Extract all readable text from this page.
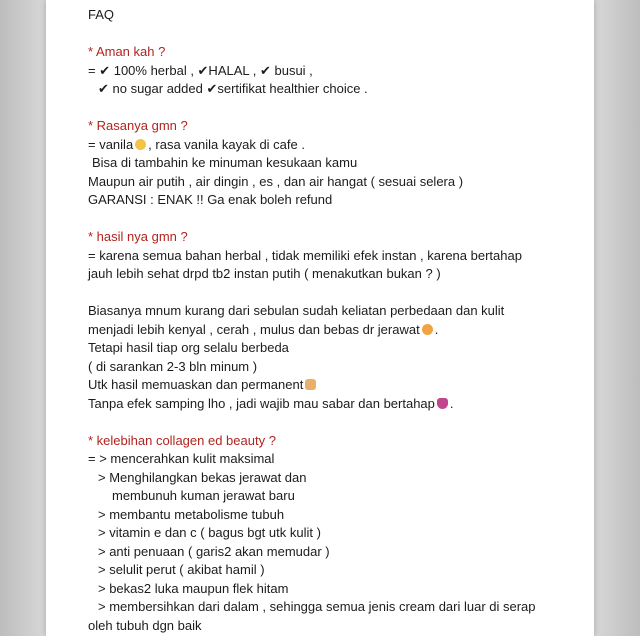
FAQ
* Aman kah ?
= ✔ 100% herbal , ✔HALAL , ✔ busui ,
✔ no sugar added ✔sertifikat healthier choice .
* Rasanya gmn ?
= vanila , rasa vanila kayak di cafe .
Bisa di tambahin ke minuman kesukaan kamu
Maupun air putih , air dingin , es , dan air hangat ( sesuai selera )
GARANSI : ENAK !! Ga enak boleh refund
* hasil nya gmn ?
= karena semua bahan herbal , tidak memiliki efek instan , karena bertahap
jauh lebih sehat drpd tb2 instan putih ( menakutkan bukan ? )
Biasanya mnum kurang dari sebulan sudah keliatan perbedaan dan kulit
menjadi lebih kenyal , cerah , mulus dan bebas dr jerawat .
Tetapi hasil tiap org selalu berbeda
( di sarankan 2-3 bln minum )
Utk hasil memuaskan dan permanent
Tanpa efek samping lho , jadi wajib mau sabar dan bertahap .
* kelebihan collagen ed beauty ?
= > mencerahkan kulit maksimal
> Menghilangkan bekas jerawat dan
membunuh kuman jerawat baru
> membantu metabolisme tubuh
> vitamin e dan c ( bagus bgt utk kulit )
> anti penuaan ( garis2 akan memudar )
> selulit perut ( akibat hamil )
> bekas2 luka maupun flek hitam
> membersihkan dari dalam , sehingga semua jenis cream dari luar di serap
oleh tubuh dgn baik
